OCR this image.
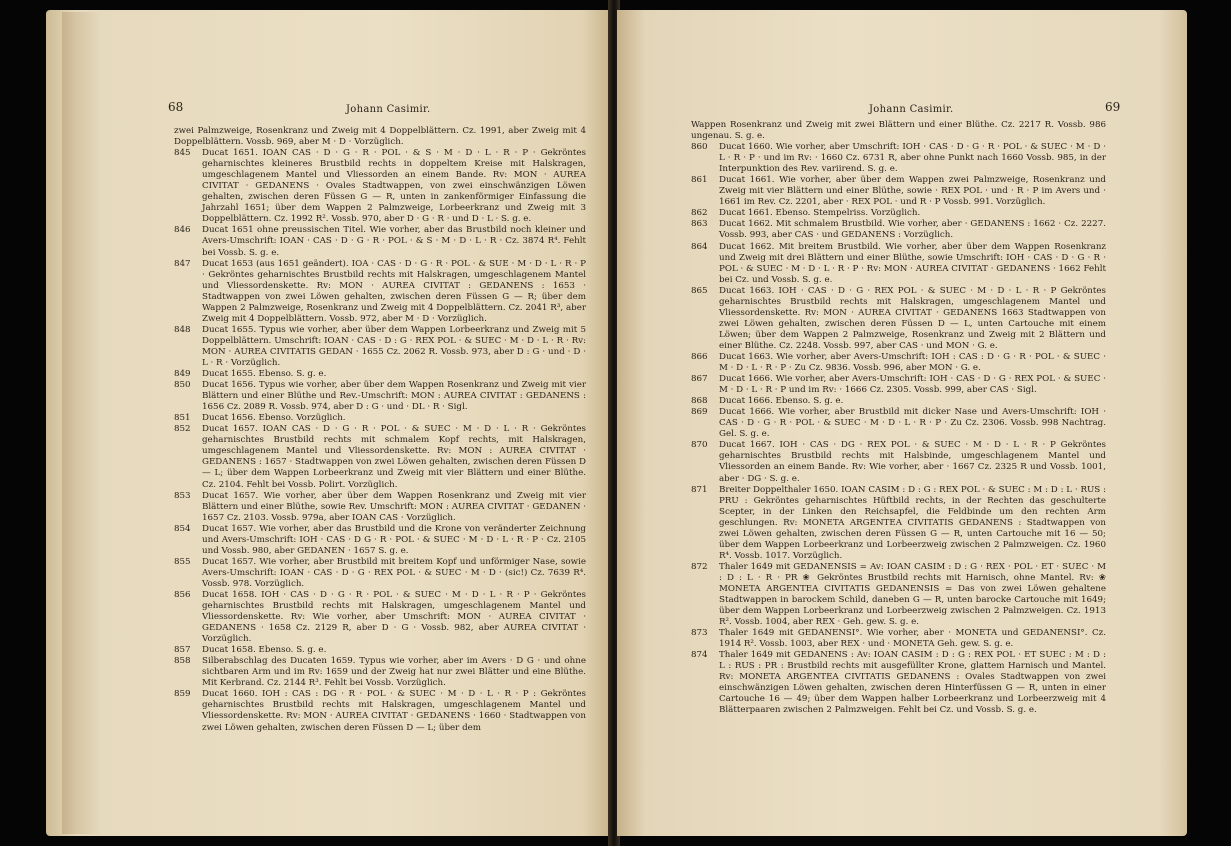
68	Johann Casimir.

zwei Palmzweige, Rosenkranz und Zweig mit 4 Doppelblättern. Cz. 1991, aber Zweig mit 4 Doppelblättern. Vossb. 969, aber M · D · Vorzüglich.

845 Ducat 1651. IOAN CAS · D · G · R · POL · & S · M · D · L · R · P · Gekröntes geharnischtes kleineres Brustbild rechts in doppeltem Kreise mit Halskragen, umgeschlagenem Mantel und Vliessorden an einem Bande. Rv: MON · AUREA CIVITAT · GEDANENS · Ovales Stadtwappen, von zwei einschwänzigen Löwen gehalten, zwischen deren Füssen G — R, unten in zankenförmiger Einfassung die Jahrzahl 1651; über dem Wappen 2 Palmzweige, Lorbeerkranz und Zweig mit 3 Doppelblättern. Cz. 1992 R². Vossb. 970, aber D · G · R · und D · L · S. g. e.

846 Ducat 1651 ohne preussischen Titel. Wie vorher, aber das Brustbild noch kleiner und Avers-Umschrift: IOAN · CAS · D · G · R · POL · & S · M · D · L · R · Cz. 3874 R⁴. Fehlt bei Vossb. S. g. e.

847 Ducat 1653 (aus 1651 geändert). IOA · CAS · D · G · R · POL · & SUE · M · D · L · R · P · Gekröntes geharnischtes Brustbild rechts mit Halskragen, umgeschlagenem Mantel und Vliessordenskette. Rv: MON · AUREA CIVITAT : GEDANENS : 1653 · Stadtwappen von zwei Löwen gehalten, zwischen deren Füssen G — R; über dem Wappen 2 Palmzweige, Rosenkranz und Zweig mit 4 Doppelblättern. Cz. 2041 R³, aber Zweig mit 4 Doppelblättern. Vossb. 972, aber M · D · Vorzüglich.

848 Ducat 1655. Typus wie vorher, aber über dem Wappen Lorbeerkranz und Zweig mit 5 Doppelblättern. Umschrift: IOAN · CAS · D : G · REX POL · & SUEC · M · D · L · R · Rv: MON · AUREA CIVITATIS GEDAN · 1655 Cz. 2062 R. Vossb. 973, aber D : G · und · D · L · R · Vorzüglich.

849 Ducat 1655. Ebenso. S. g. e.

850 Ducat 1656. Typus wie vorher, aber über dem Wappen Rosenkranz und Zweig mit vier Blättern und einer Blüthe und Rev.-Umschrift: MON : AUREA CIVITAT : GEDANENS : 1656 Cz. 2089 R. Vossb. 974, aber D : G · und · DL · R · Sigl.

851 Ducat 1656. Ebenso. Vorzüglich.

852 Ducat 1657. IOAN CAS · D · G · R · POL · & SUEC · M · D · L · R · Gekröntes geharnischtes Brustbild rechts mit schmalem Kopf rechts, mit Halskragen, umgeschlagenem Mantel und Vliessordenskette. Rv: MON : AUREA CIVITAT · GEDANENS : 1657 · Stadtwappen von zwei Löwen gehalten, zwischen deren Füssen D — L; über dem Wappen Lorbeerkranz und Zweig mit vier Blättern und einer Blüthe. Cz. 2104. Fehlt bei Vossb. Polirt. Vorzüglich.

853 Ducat 1657. Wie vorher, aber über dem Wappen Rosenkranz und Zweig mit vier Blättern und einer Blüthe, sowie Rev. Umschrift: MON : AUREA CIVITAT · GEDANEN · 1657 Cz. 2103. Vossb. 979a, aber IOAN CAS · Vorzüglich.

854 Ducat 1657. Wie vorher, aber das Brustbild und die Krone von veränderter Zeichnung und Avers-Umschrift: IOH · CAS · D G · R · POL · & SUEC · M · D · L · R · P · Cz. 2105 und Vossb. 980, aber GEDANEN · 1657 S. g. e.

855 Ducat 1657. Wie vorher, aber Brustbild mit breitem Kopf und unförmiger Nase, sowie Avers-Umschrift: IOAN · CAS · D · G · REX POL · & SUEC · M · D · (sic!) Cz. 7639 R⁴. Vossb. 978. Vorzüglich.

856 Ducat 1658. IOH · CAS · D · G · R · POL · & SUEC · M · D · L · R · P · Gekröntes geharnischtes Brustbild rechts mit Halskragen, umgeschlagenem Mantel und Vliessordenskette. Rv: Wie vorher, aber Umschrift: MON · AUREA CIVITAT · GEDANENS · 1658 Cz. 2129 R, aber D · G · Vossb. 982, aber AUREA CIVITAT · Vorzüglich.

857 Ducat 1658. Ebenso. S. g. e.

858 Silberabschlag des Ducaten 1659. Typus wie vorher, aber im Avers · D G · und ohne sichtbaren Arm und im Rv: 1659 und der Zweig hat nur zwei Blätter und eine Blüthe. Mit Kerbrand. Cz. 2144 R³. Fehlt bei Vossb. Vorzüglich.

859 Ducat 1660. IOH : CAS : DG · R · POL · & SUEC · M · D · L · R · P : Gekröntes geharnischtes Brustbild rechts mit Halskragen, umgeschlagenem Mantel und Vliessordenskette. Rv: MON · AUREA CIVITAT · GEDANENS · 1660 · Stadtwappen von zwei Löwen gehalten, zwischen deren Füssen D — L; über dem

Johann Casimir.	69

Wappen Rosenkranz und Zweig mit zwei Blättern und einer Blüthe. Cz. 2217 R. Vossb. 986 ungenau. S. g. e.

860 Ducat 1660. Wie vorher, aber Umschrift: IOH · CAS · D · G · R · POL · & SUEC · M · D · L · R · P · und im Rv: · 1660 Cz. 6731 R, aber ohne Punkt nach 1660 Vossb. 985, in der Interpunktion des Rev. variirend. S. g. e.

861 Ducat 1661. Wie vorher, aber über dem Wappen zwei Palmzweige, Rosenkranz und Zweig mit vier Blättern und einer Blüthe, sowie · REX POL · und · R · P im Avers und · 1661 im Rev. Cz. 2201, aber · REX POL · und R · P Vossb. 991. Vorzüglich.

862 Ducat 1661. Ebenso. Stempelriss. Vorzüglich.

863 Ducat 1662. Mit schmalem Brustbild. Wie vorher, aber · GEDANENS : 1662 · Cz. 2227. Vossb. 993, aber CAS · und GEDANENS : Vorzüglich.

864 Ducat 1662. Mit breitem Brustbild. Wie vorher, aber über dem Wappen Rosenkranz und Zweig mit drei Blättern und einer Blüthe, sowie Umschrift: IOH · CAS · D · G · R · POL · & SUEC · M · D · L · R · P · Rv: MON · AUREA CIVITAT · GEDANENS · 1662 Fehlt bei Cz. und Vossb. S. g. e.

865 Ducat 1663. IOH · CAS · D · G · REX POL · & SUEC · M · D · L · R · P Gekröntes geharnischtes Brustbild rechts mit Halskragen, umgeschlagenem Mantel und Vliessordenskette. Rv: MON · AUREA CIVITAT · GEDANENS 1663 Stadtwappen von zwei Löwen gehalten, zwischen deren Füssen D — L, unten Cartouche mit einem Löwen; über dem Wappen 2 Palmzweige, Rosenkranz und Zweig mit 2 Blättern und einer Blüthe. Cz. 2248. Vossb. 997, aber CAS · und MON · G. e.

866 Ducat 1663. Wie vorher, aber Avers-Umschrift: IOH : CAS : D · G · R · POL · & SUEC · M · D · L · R · P · Zu Cz. 9836. Vossb. 996, aber MON · G. e.

867 Ducat 1666. Wie vorher, aber Avers-Umschrift: IOH · CAS · D · G · REX POL · & SUEC · M · D · L · R · P und im Rv: · 1666 Cz. 2305. Vossb. 999, aber CAS · Sigl.

868 Ducat 1666. Ebenso. S. g. e.

869 Ducat 1666. Wie vorher, aber Brustbild mit dicker Nase und Avers-Umschrift: IOH · CAS · D · G · R · POL · & SUEC · M · D · L · R · P · Zu Cz. 2306. Vossb. 998 Nachtrag. Gel. S. g. e.

870 Ducat 1667. IOH · CAS · DG · REX POL · & SUEC · M · D · L · R · P Gekröntes geharnischtes Brustbild rechts mit Halsbinde, umgeschlagenem Mantel und Vliessorden an einem Bande. Rv: Wie vorher, aber · 1667 Cz. 2325 R und Vossb. 1001, aber · DG · S. g. e.

871 Breiter Doppelthaler 1650. IOAN CASIM : D : G : REX POL · & SUEC : M : D : L · RUS : PRU : Gekröntes geharnischtes Hüftbild rechts, in der Rechten das geschulterte Scepter, in der Linken den Reichsapfel, die Feldbinde um den rechten Arm geschlungen. Rv: MONETA ARGENTEA CIVITATIS GEDANENS : Stadtwappen von zwei Löwen gehalten, zwischen deren Füssen G — R, unten Cartouche mit 16 — 50; über dem Wappen Lorbeerkranz und Lorbeerzweig zwischen 2 Palmzweigen. Cz. 1960 R⁴. Vossb. 1017. Vorzüglich.

872 Thaler 1649 mit GEDANENSIS = Av: IOAN CASIM : D : G · REX · POL · ET · SUEC · M : D : L · R · PR ❀ Gekröntes Brustbild rechts mit Harnisch, ohne Mantel. Rv: ❀ MONETA ARGENTEA CIVITATIS GEDANENSIS = Das von zwei Löwen gehaltene Stadtwappen in barockem Schild, daneben G — R, unten barocke Cartouche mit 1649; über dem Wappen Lorbeerkranz und Lorbeerzweig zwischen 2 Palmzweigen. Cz. 1913 R². Vossb. 1004, aber REX · Geh. gew. S. g. e.

873 Thaler 1649 mit GEDANENSI°. Wie vorher, aber · MONETA und GEDANENSI°. Cz. 1914 R². Vossb. 1003, aber REX · und · MONETA Geh. gew. S. g. e.

874 Thaler 1649 mit GEDANENS : Av: IOAN CASIM : D : G : REX POL · ET SUEC : M : D : L : RUS : PR : Brustbild rechts mit ausgefüllter Krone, glattem Harnisch und Mantel. Rv: MONETA ARGENTEA CIVITATIS GEDANENS : Ovales Stadtwappen von zwei einschwänzigen Löwen gehalten, zwischen deren Hinterfüssen G — R, unten in einer Cartouche 16 — 49; über dem Wappen halber Lorbeerkranz und Lorbeerzweig mit 4 Blätterpaaren zwischen 2 Palmzweigen. Fehlt bei Cz. und Vossb. S. g. e.
